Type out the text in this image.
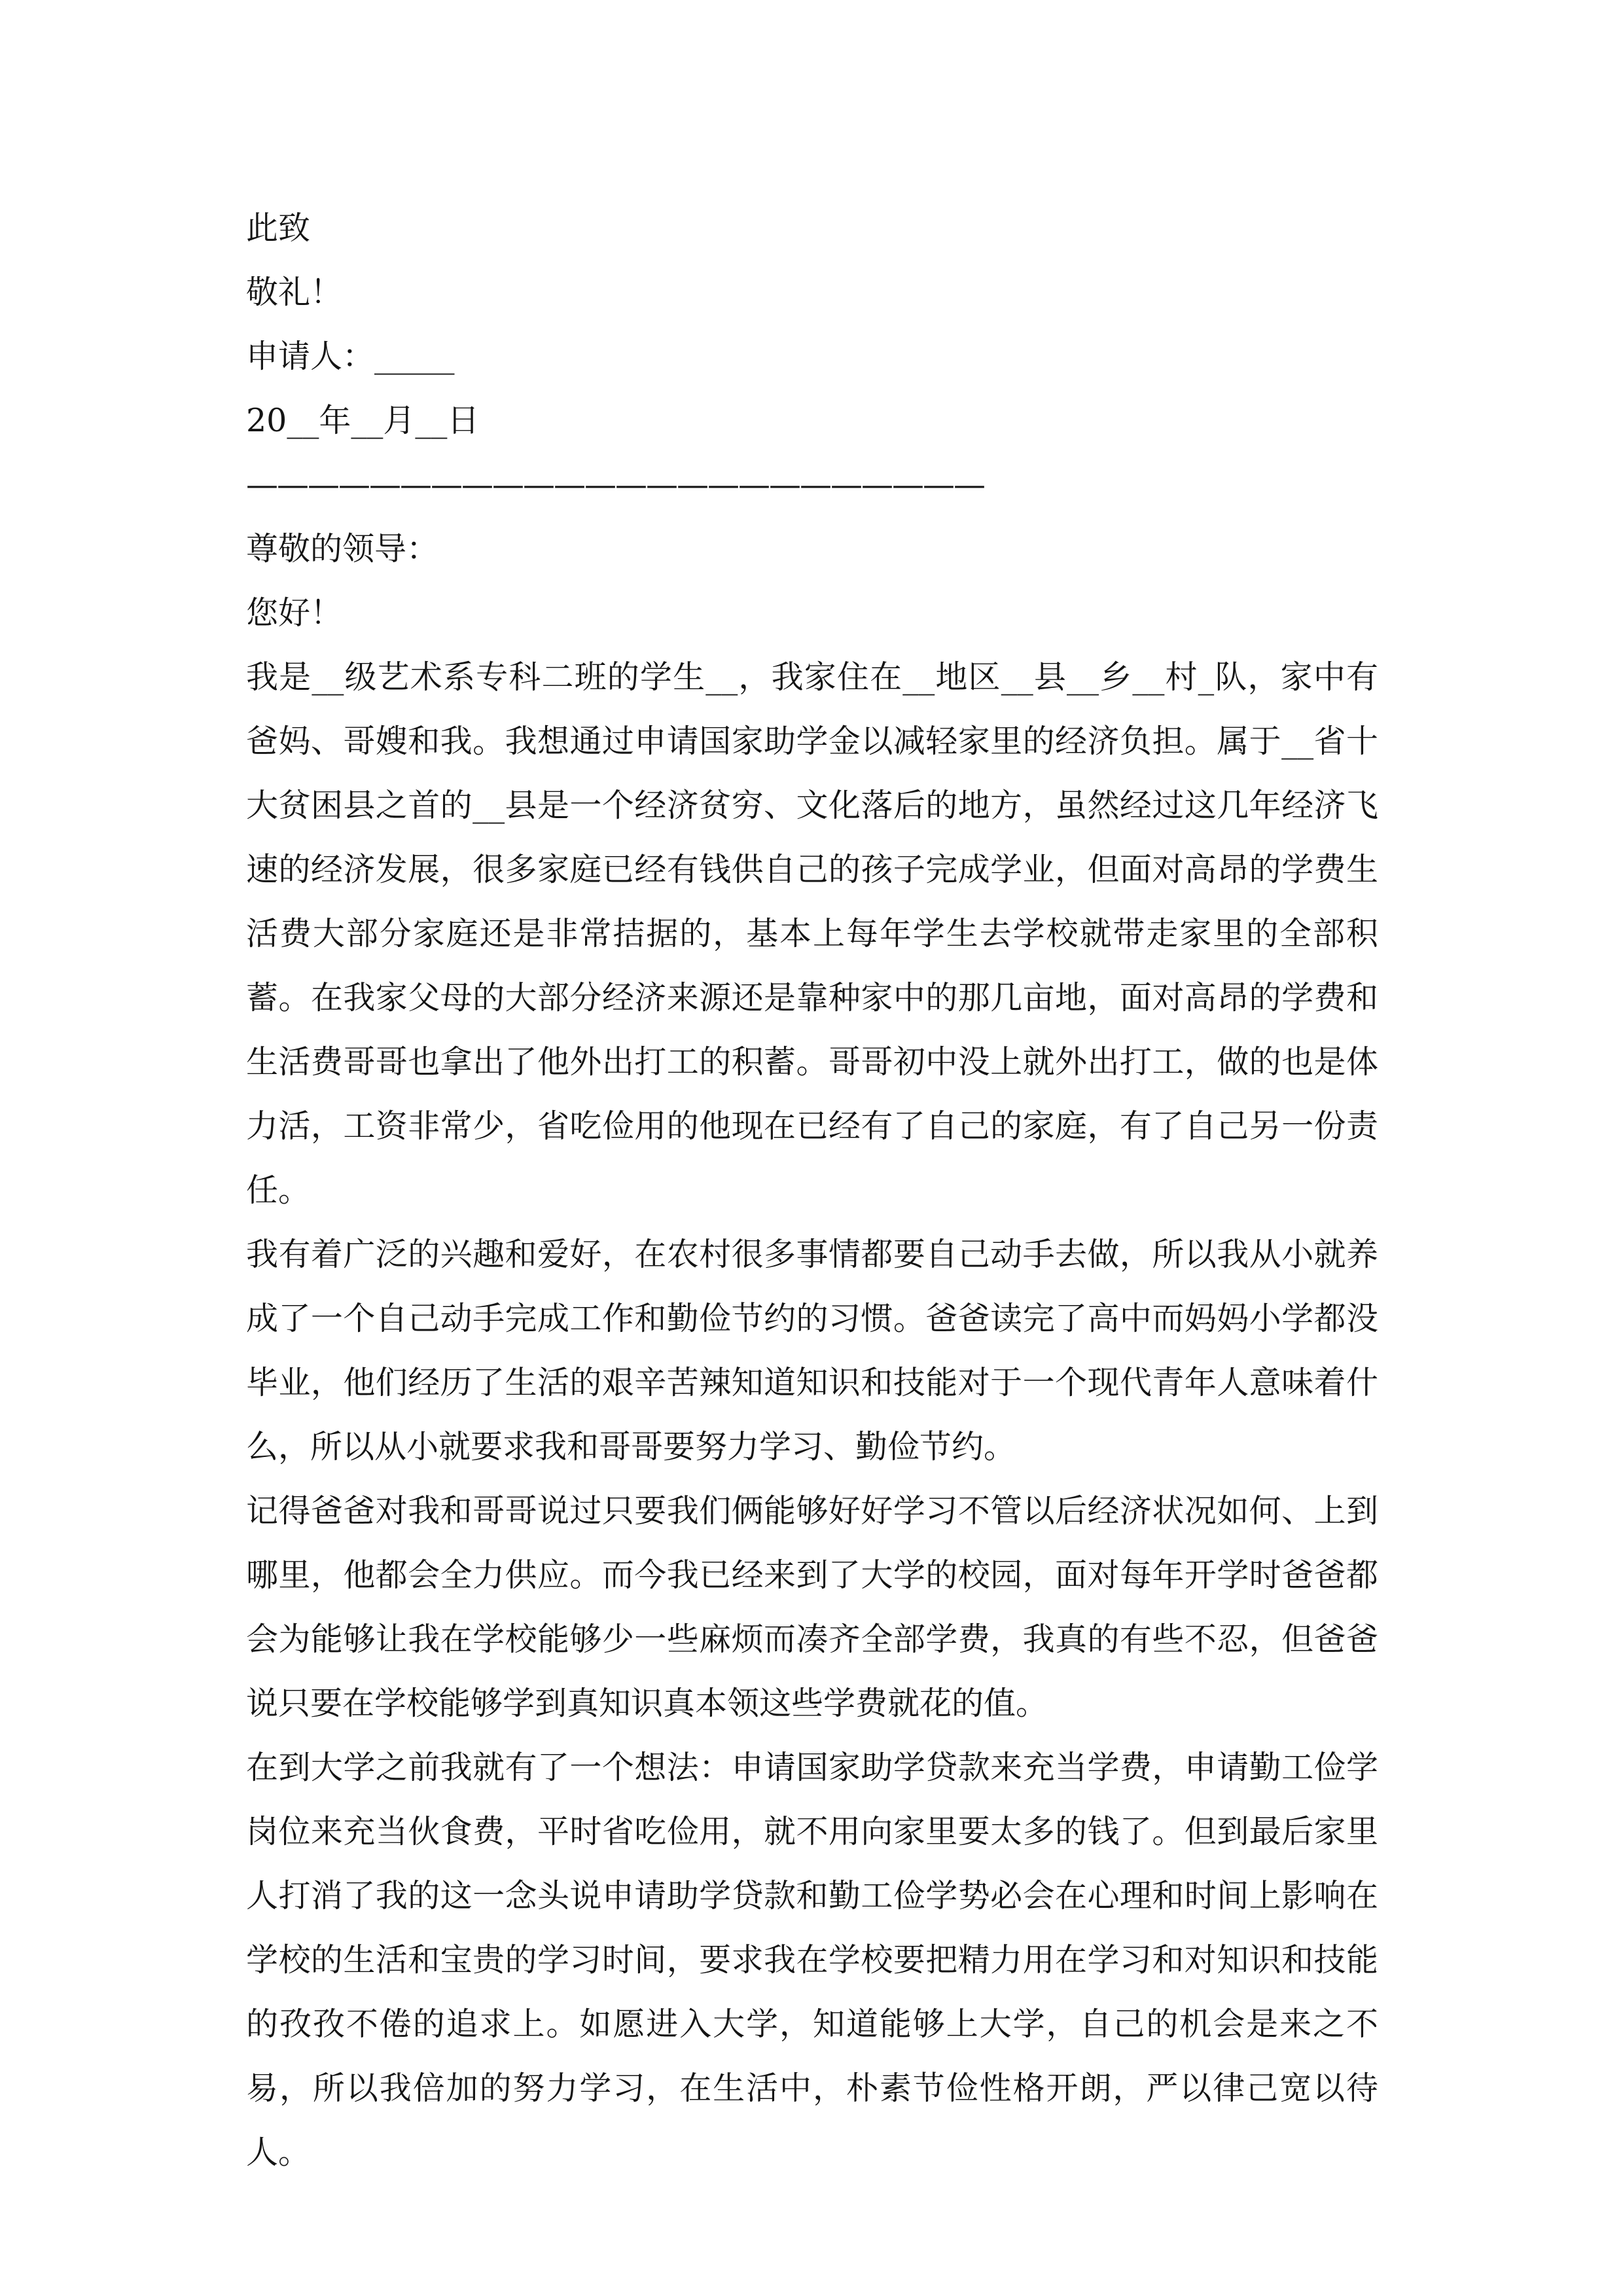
此致
敬礼！
申请人：_____
20__年__月__日
————————————————————————
尊敬的领导：
您好！

我是__级艺术系专科二班的学生__，我家住在__地区__县__乡__村_队，家中有爸妈、哥嫂和我。我想通过申请国家助学金以减轻家里的经济负担。属于__省十大贫困县之首的__县是一个经济贫穷、文化落后的地方，虽然经过这几年经济飞速的经济发展，很多家庭已经有钱供自己的孩子完成学业，但面对高昂的学费生活费大部分家庭还是非常拮据的，基本上每年学生去学校就带走家里的全部积蓄。在我家父母的大部分经济来源还是靠种家中的那几亩地，面对高昂的学费和生活费哥哥也拿出了他外出打工的积蓄。哥哥初中没上就外出打工，做的也是体力活，工资非常少，省吃俭用的他现在已经有了自己的家庭，有了自己另一份责任。

我有着广泛的兴趣和爱好，在农村很多事情都要自己动手去做，所以我从小就养成了一个自己动手完成工作和勤俭节约的习惯。爸爸读完了高中而妈妈小学都没毕业，他们经历了生活的艰辛苦辣知道知识和技能对于一个现代青年人意味着什么，所以从小就要求我和哥哥要努力学习、勤俭节约。

记得爸爸对我和哥哥说过只要我们俩能够好好学习不管以后经济状况如何、上到哪里，他都会全力供应。而今我已经来到了大学的校园，面对每年开学时爸爸都会为能够让我在学校能够少一些麻烦而凑齐全部学费，我真的有些不忍，但爸爸说只要在学校能够学到真知识真本领这些学费就花的值。

在到大学之前我就有了一个想法：申请国家助学贷款来充当学费，申请勤工俭学岗位来充当伙食费，平时省吃俭用，就不用向家里要太多的钱了。但到最后家里人打消了我的这一念头说申请助学贷款和勤工俭学势必会在心理和时间上影响在学校的生活和宝贵的学习时间，要求我在学校要把精力用在学习和对知识和技能的孜孜不倦的追求上。如愿进入大学，知道能够上大学，自己的机会是来之不易，所以我倍加的努力学习，在生活中，朴素节俭性格开朗，严以律己宽以待人。
